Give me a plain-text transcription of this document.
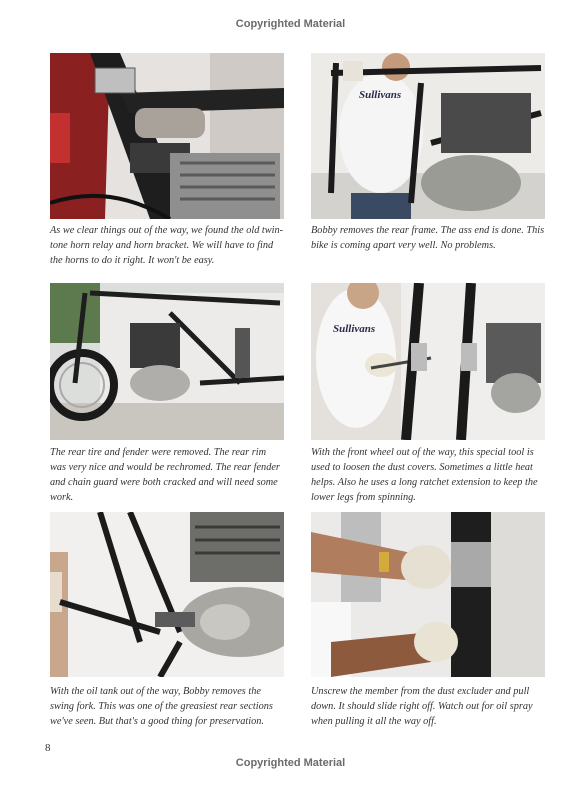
Copyrighted Material
Sullivans
As we clear things out of the way, we found the old twin-tone horn relay and horn bracket. We will have to find the horns to do it right. It won't be easy.
Bobby removes the rear frame. The ass end is done. This bike is coming apart very well. No problems.
Sullivans
The rear tire and fender were removed. The rear rim was very nice and would be rechromed. The rear fender and chain guard were both cracked and will need some work.
With the front wheel out of the way, this special tool is used to loosen the dust covers. Sometimes a little heat helps. Also he uses a long ratchet extension to keep the lower legs from spinning.
With the oil tank out of the way, Bobby removes the swing fork. This was one of the greasiest rear sections we've seen. But that's a good thing for preservation.
Unscrew the member from the dust excluder and pull down. It should slide right off. Watch out for oil spray when pulling it all the way off.
8
Copyrighted Material
